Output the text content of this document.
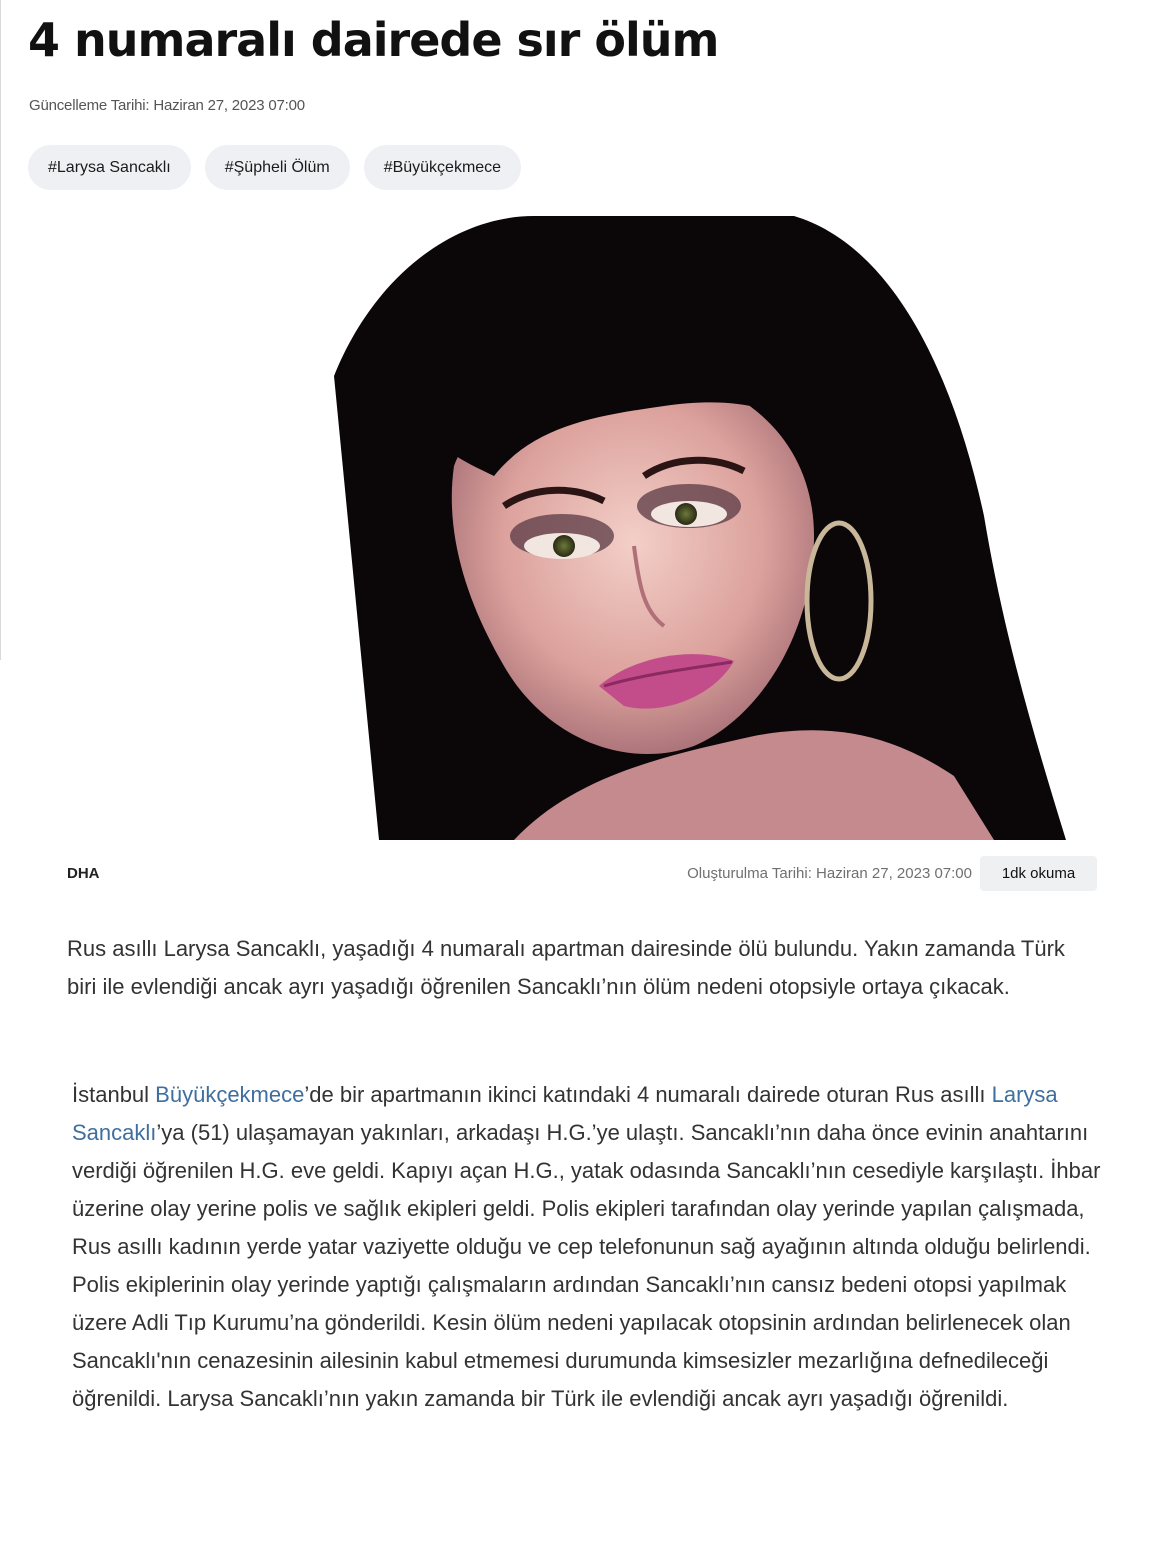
4 numaralı dairede sır ölüm
Güncelleme Tarihi: Haziran 27, 2023 07:00
#Larysa Sancaklı	#Şüpheli Ölüm	#Büyükçekmece
DHA	Oluşturulma Tarihi: Haziran 27, 2023 07:00	1dk okuma

Rus asıllı Larysa Sancaklı, yaşadığı 4 numaralı apartman dairesinde ölü bulundu. Yakın zamanda Türk biri ile evlendiği ancak ayrı yaşadığı öğrenilen Sancaklı’nın ölüm nedeni otopsiyle ortaya çıkacak.

İstanbul Büyükçekmece’de bir apartmanın ikinci katındaki 4 numaralı dairede oturan Rus asıllı Larysa Sancaklı’ya (51) ulaşamayan yakınları, arkadaşı H.G.’ye ulaştı. Sancaklı’nın daha önce evinin anahtarını verdiği öğrenilen H.G. eve geldi. Kapıyı açan H.G., yatak odasında Sancaklı’nın cesediyle karşılaştı. İhbar üzerine olay yerine polis ve sağlık ekipleri geldi. Polis ekipleri tarafından olay yerinde yapılan çalışmada, Rus asıllı kadının yerde yatar vaziyette olduğu ve cep telefonunun sağ ayağının altında olduğu belirlendi. Polis ekiplerinin olay yerinde yaptığı çalışmaların ardından Sancaklı’nın cansız bedeni otopsi yapılmak üzere Adli Tıp Kurumu’na gönderildi. Kesin ölüm nedeni yapılacak otopsinin ardından belirlenecek olan Sancaklı'nın cenazesinin ailesinin kabul etmemesi durumunda kimsesizler mezarlığına defnedileceği öğrenildi. Larysa Sancaklı’nın yakın zamanda bir Türk ile evlendiği ancak ayrı yaşadığı öğrenildi.
